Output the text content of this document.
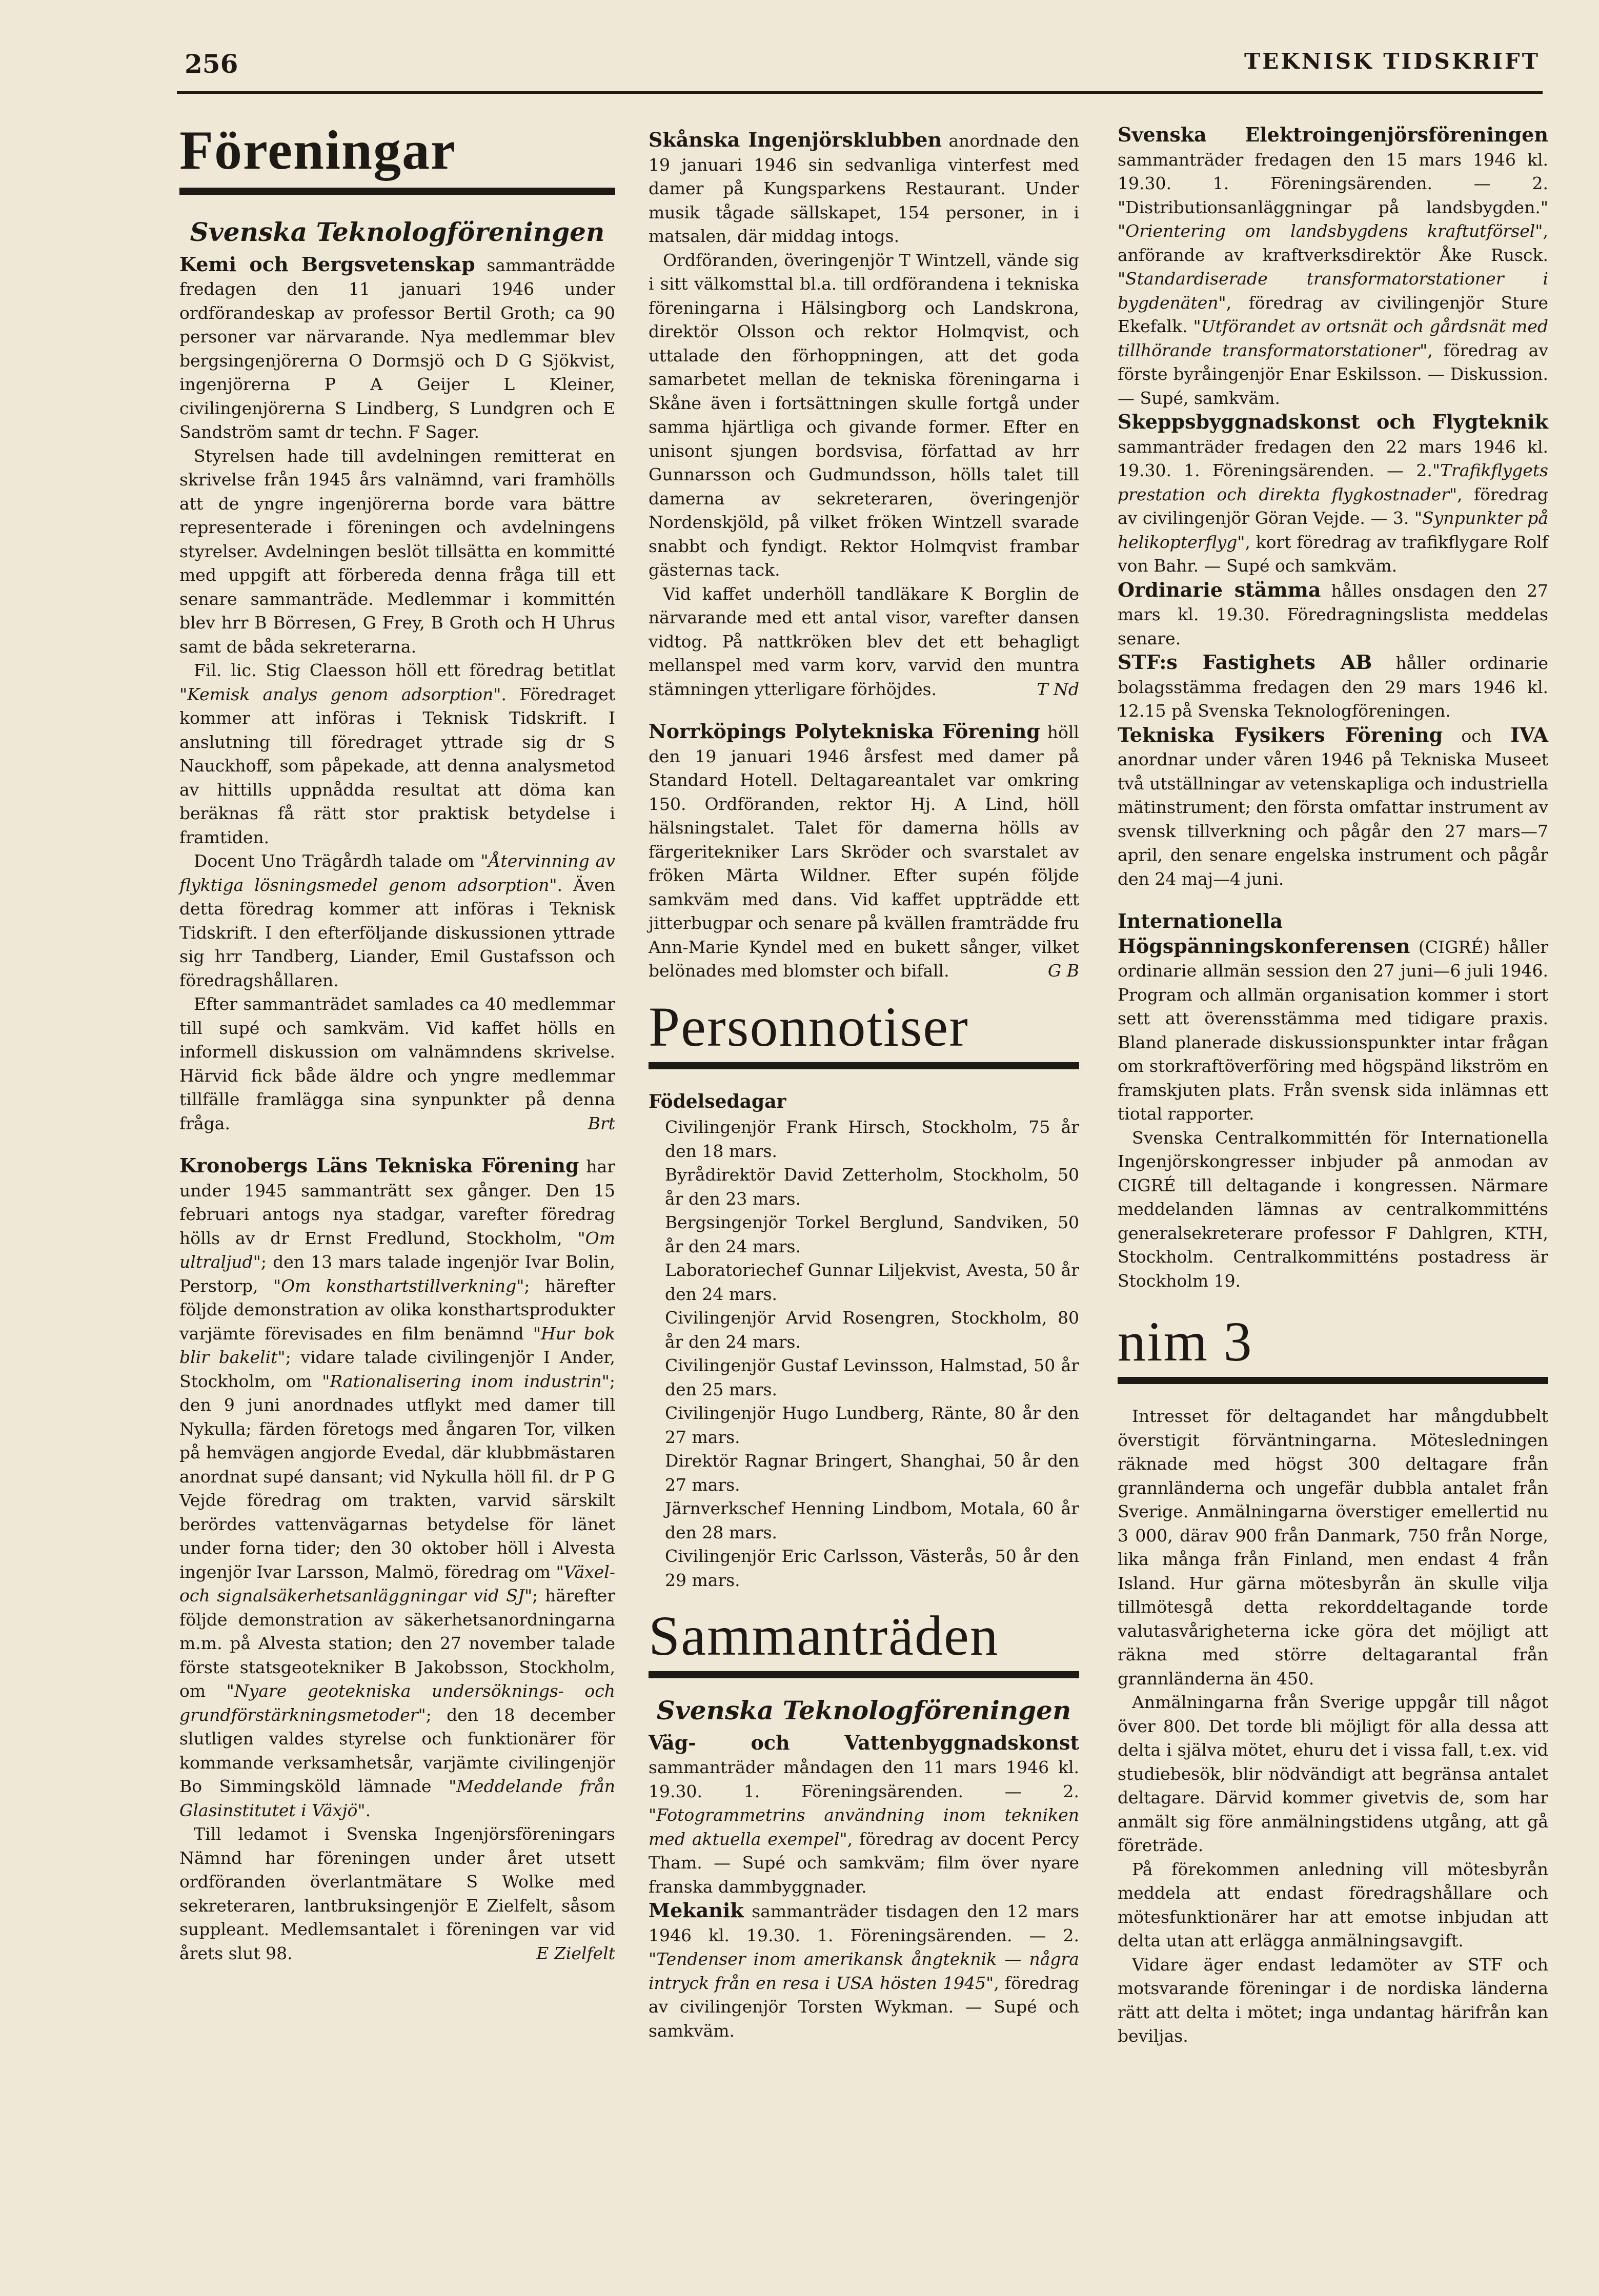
256	TEKNISK TIDSKRIFT
Föreningar
Svenska Teknologföreningen

Kemi och Bergsvetenskap sammanträdde fredagen den 11 januari 1946 under ordförandeskap av professor Bertil Groth; ca 90 personer var närvarande. Nya medlemmar blev bergsingenjörerna O Dormsjö och D G Sjökvist, ingenjörerna P A Geijer L Kleiner, civilingenjörerna S Lindberg, S Lundgren och E Sandström samt dr techn. F Sager.

Styrelsen hade till avdelningen remitterat en skrivelse från 1945 års valnämnd, vari framhölls att de yngre ingenjörerna borde vara bättre representerade i föreningen och avdelningens styrelser. Avdelningen beslöt tillsätta en kommitté med uppgift att förbereda denna fråga till ett senare sammanträde. Medlemmar i kommittén blev hrr B Börresen, G Frey, B Groth och H Uhrus samt de båda sekreterarna.

Fil. lic. Stig Claesson höll ett föredrag betitlat "Kemisk analys genom adsorption". Föredraget kommer att införas i Teknisk Tidskrift. I anslutning till föredraget yttrade sig dr S Nauckhoff, som påpekade, att denna analysmetod av hittills uppnådda resultat att döma kan beräknas få rätt stor praktisk betydelse i framtiden.

Docent Uno Trägårdh talade om "Återvinning av flyktiga lösningsmedel genom adsorption". Även detta föredrag kommer att införas i Teknisk Tidskrift. I den efterföljande diskussionen yttrade sig hrr Tandberg, Liander, Emil Gustafsson och föredragshållaren.

Efter sammanträdet samlades ca 40 medlemmar till supé och samkväm. Vid kaffet hölls en informell diskussion om valnämndens skrivelse. Härvid fick både äldre och yngre medlemmar tillfälle framlägga sina synpunkter på denna fråga.	Brt

Kronobergs Läns Tekniska Förening har under 1945 sammanträtt sex gånger. Den 15 februari antogs nya stadgar, varefter föredrag hölls av dr Ernst Fredlund, Stockholm, "Om ultraljud"; den 13 mars talade ingenjör Ivar Bolin, Perstorp, "Om konsthartstillverkning"; härefter följde demonstration av olika konsthartsprodukter varjämte förevisades en film benämnd "Hur bok blir bakelit"; vidare talade civilingenjör I Ander, Stockholm, om "Rationalisering inom industrin"; den 9 juni anordnades utflykt med damer till Nykulla; färden företogs med ångaren Tor, vilken på hemvägen angjorde Evedal, där klubbmästaren anordnat supé dansant; vid Nykulla höll fil. dr P G Vejde föredrag om trakten, varvid särskilt berördes vattenvägarnas betydelse för länet under forna tider; den 30 oktober höll i Alvesta ingenjör Ivar Larsson, Malmö, föredrag om "Växel- och signalsäkerhetsanläggningar vid SJ"; härefter följde demonstration av säkerhetsanordningarna m.m. på Alvesta station; den 27 november talade förste statsgeotekniker B Jakobsson, Stockholm, om "Nyare geotekniska undersöknings- och grundförstärkningsmetoder"; den 18 december slutligen valdes styrelse och funktionärer för kommande verksamhetsår, varjämte civilingenjör Bo Simmingsköld lämnade "Meddelande från Glasinstitutet i Växjö".

Till ledamot i Svenska Ingenjörsföreningars Nämnd har föreningen under året utsett ordföranden överlantmätare S Wolke med sekreteraren, lantbruksingenjör E Zielfelt, såsom suppleant. Medlemsantalet i föreningen var vid årets slut 98.	E Zielfelt

Skånska Ingenjörsklubben anordnade den 19 januari 1946 sin sedvanliga vinterfest med damer på Kungsparkens Restaurant. Under musik tågade sällskapet, 154 personer, in i matsalen, där middag intogs.

Ordföranden, överingenjör T Wintzell, vände sig i sitt välkomsttal bl.a. till ordförandena i tekniska föreningarna i Hälsingborg och Landskrona, direktör Olsson och rektor Holmqvist, och uttalade den förhoppningen, att det goda samarbetet mellan de tekniska föreningarna i Skåne även i fortsättningen skulle fortgå under samma hjärtliga och givande former. Efter en unisont sjungen bordsvisa, författad av hrr Gunnarsson och Gudmundsson, hölls talet till damerna av sekreteraren, överingenjör Nordenskjöld, på vilket fröken Wintzell svarade snabbt och fyndigt. Rektor Holmqvist frambar gästernas tack.

Vid kaffet underhöll tandläkare K Borglin de närvarande med ett antal visor, varefter dansen vidtog. På nattkröken blev det ett behagligt mellanspel med varm korv, varvid den muntra stämningen ytterligare förhöjdes.	T Nd

Norrköpings Polytekniska Förening höll den 19 januari 1946 årsfest med damer på Standard Hotell. Deltagareantalet var omkring 150. Ordföranden, rektor Hj. A Lind, höll hälsningstalet. Talet för damerna hölls av färgeritekniker Lars Skröder och svarstalet av fröken Märta Wildner. Efter supén följde samkväm med dans. Vid kaffet uppträdde ett jitterbugpar och senare på kvällen framträdde fru Ann-Marie Kyndel med en bukett sånger, vilket belönades med blomster och bifall.	G B

Personnotiser
Födelsedagar

Civilingenjör Frank Hirsch, Stockholm, 75 år den 18 mars.

Byrådirektör David Zetterholm, Stockholm, 50 år den 23 mars.

Bergsingenjör Torkel Berglund, Sandviken, 50 år den 24 mars.

Laboratoriechef Gunnar Liljekvist, Avesta, 50 år den 24 mars.

Civilingenjör Arvid Rosengren, Stockholm, 80 år den 24 mars.

Civilingenjör Gustaf Levinsson, Halmstad, 50 år den 25 mars.

Civilingenjör Hugo Lundberg, Ränte, 80 år den 27 mars.

Direktör Ragnar Bringert, Shanghai, 50 år den 27 mars.

Järnverkschef Henning Lindbom, Motala, 60 år den 28 mars.

Civilingenjör Eric Carlsson, Västerås, 50 år den 29 mars.

Sammanträden
Svenska Teknologföreningen

Väg- och Vattenbyggnadskonst sammanträder måndagen den 11 mars 1946 kl. 19.30. 1. Föreningsärenden. — 2. "Fotogrammetrins användning inom tekniken med aktuella exempel", föredrag av docent Percy Tham. — Supé och samkväm; film över nyare franska dammbyggnader.

Mekanik sammanträder tisdagen den 12 mars 1946 kl. 19.30. 1. Föreningsärenden. — 2. "Tendenser inom amerikansk ångteknik — några intryck från en resa i USA hösten 1945", föredrag av civilingenjör Torsten Wykman. — Supé och samkväm.

Svenska Elektroingenjörsföreningen sammanträder fredagen den 15 mars 1946 kl. 19.30. 1. Föreningsärenden. — 2. "Distributionsanläggningar på landsbygden." "Orientering om landsbygdens kraftutförsel", anförande av kraftverksdirektör Åke Rusck. "Standardiserade transformatorstationer i bygdenäten", föredrag av civilingenjör Sture Ekefalk. "Utförandet av ortsnät och gårdsnät med tillhörande transformatorstationer", föredrag av förste byråingenjör Enar Eskilsson. — Diskussion. — Supé, samkväm.

Skeppsbyggnadskonst och Flygteknik sammanträder fredagen den 22 mars 1946 kl. 19.30. 1. Föreningsärenden. — 2."Trafikflygets prestation och direkta flygkostnader", föredrag av civilingenjör Göran Vejde. — 3. "Synpunkter på helikopterflyg", kort föredrag av trafikflygare Rolf von Bahr. — Supé och samkväm.

Ordinarie stämma hålles onsdagen den 27 mars kl. 19.30. Föredragningslista meddelas senare.

STF:s Fastighets AB håller ordinarie bolagsstämma fredagen den 29 mars 1946 kl. 12.15 på Svenska Teknologföreningen.

Tekniska Fysikers Förening och IVA anordnar under våren 1946 på Tekniska Museet två utställningar av vetenskapliga och industriella mätinstrument; den första omfattar instrument av svensk tillverkning och pågår den 27 mars—7 april, den senare engelska instrument och pågår den 24 maj—4 juni.

Internationella Högspänningskonferensen (CIGRÉ) håller ordinarie allmän session den 27 juni—6 juli 1946. Program och allmän organisation kommer i stort sett att överensstämma med tidigare praxis. Bland planerade diskussionspunkter intar frågan om storkraftöverföring med högspänd likström en framskjuten plats. Från svensk sida inlämnas ett tiotal rapporter.

Svenska Centralkommittén för Internationella Ingenjörskongresser inbjuder på anmodan av CIGRÉ till deltagande i kongressen. Närmare meddelanden lämnas av centralkommitténs generalsekreterare professor F Dahlgren, KTH, Stockholm. Centralkommitténs postadress är Stockholm 19.

nim 3

Intresset för deltagandet har mångdubbelt överstigit förväntningarna. Mötesledningen räknade med högst 300 deltagare från grannländerna och ungefär dubbla antalet från Sverige. Anmälningarna överstiger emellertid nu 3 000, därav 900 från Danmark, 750 från Norge, lika många från Finland, men endast 4 från Island. Hur gärna mötesbyrån än skulle vilja tillmötesgå detta rekorddeltagande torde valutasvårigheterna icke göra det möjligt att räkna med större deltagarantal från grannländerna än 450.

Anmälningarna från Sverige uppgår till något över 800. Det torde bli möjligt för alla dessa att delta i själva mötet, ehuru det i vissa fall, t.ex. vid studiebesök, blir nödvändigt att begränsa antalet deltagare. Därvid kommer givetvis de, som har anmält sig före anmälningstidens utgång, att gå företräde.

På förekommen anledning vill mötesbyrån meddela att endast föredragshållare och mötesfunktionärer har att emotse inbjudan att delta utan att erlägga anmälningsavgift.

Vidare äger endast ledamöter av STF och motsvarande föreningar i de nordiska länderna rätt att delta i mötet; inga undantag härifrån kan beviljas.
